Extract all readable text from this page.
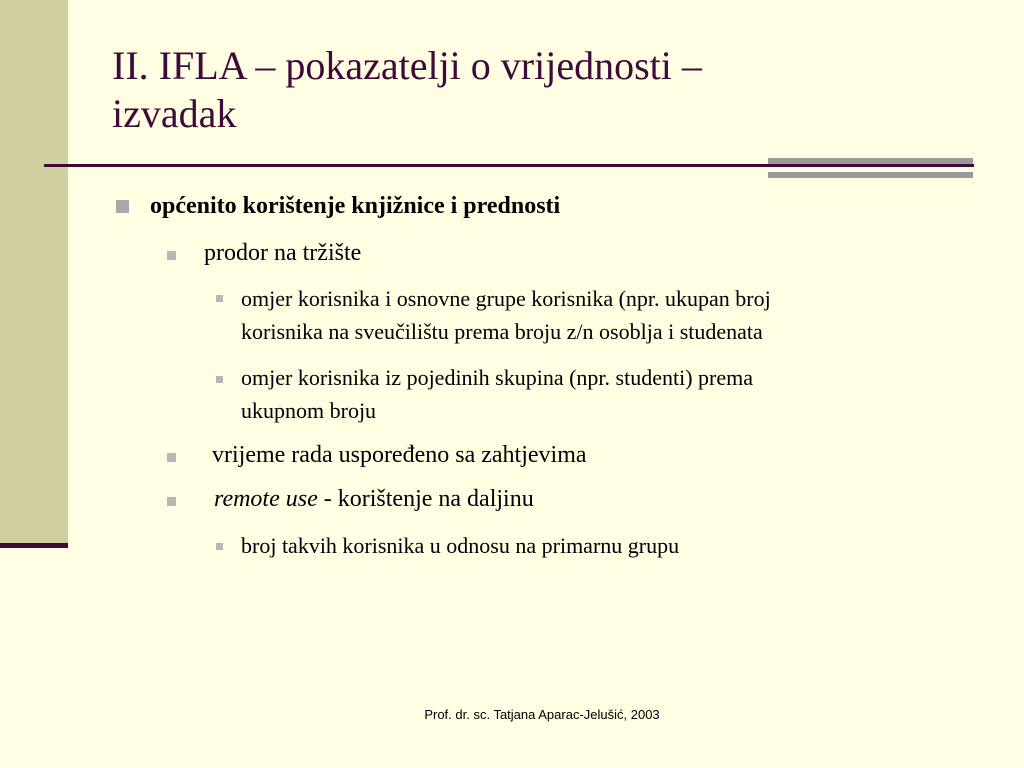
II. IFLA – pokazatelji o vrijednosti –
izvadak

općenito korištenje knjižnice i prednosti

prodor na tržište

omjer korisnika i osnovne grupe korisnika (npr. ukupan broj
korisnika na sveučilištu prema broju z/n osoblja i studenata

omjer korisnika iz pojedinih skupina (npr. studenti) prema
ukupnom broju

vrijeme rada uspoređeno sa zahtjevima

remote use - korištenje na daljinu

broj takvih korisnika u odnosu na primarnu grupu

Prof. dr. sc. Tatjana Aparac-Jelušić, 2003
